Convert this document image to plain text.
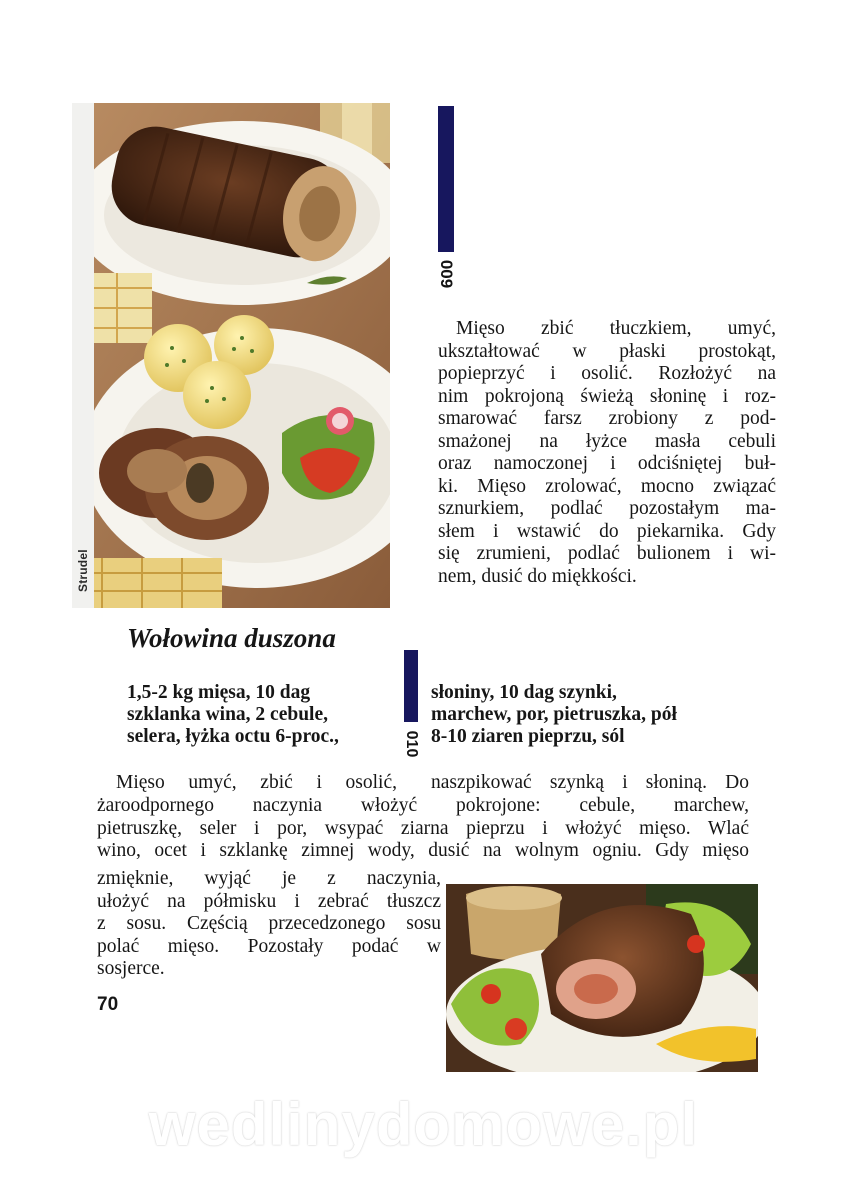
Strudel
009
Mięso zbić tłuczkiem, umyć,
ukształtować w płaski prostokąt,
popieprzyć i osolić. Rozłożyć na
nim pokrojoną świeżą słoninę i roz-
smarować farsz zrobiony z pod-
smażonej na łyżce masła cebuli
oraz namoczonej i odciśniętej buł-
ki. Mięso zrolować, mocno związać
sznurkiem, podlać pozostałym ma-
słem i wstawić do piekarnika. Gdy
się zrumieni, podlać bulionem i wi-
nem, dusić do miękkości.
Wołowina duszona
010
1,5-2 kg mięsa, 10 dag
szklanka wina, 2 cebule,
selera, łyżka octu 6-proc.,
słoniny, 10 dag szynki,
marchew, por, pietruszka, pół
8-10 ziaren pieprzu, sól
Mięso umyć, zbić i osolić, naszpikować szynką i słoniną. Do
żaroodpornego naczynia włożyć pokrojone: cebule, marchew,
pietruszkę, seler i por, wsypać ziarna pieprzu i włożyć mięso. Wlać
wino, ocet i szklankę zimnej wody, dusić na wolnym ogniu. Gdy mięso
zmięknie, wyjąć je z naczynia,
ułożyć na półmisku i zebrać tłuszcz
z sosu. Częścią przecedzonego sosu
polać mięso. Pozostały podać w
sosjerce.
70
wedlinydomowe.pl
